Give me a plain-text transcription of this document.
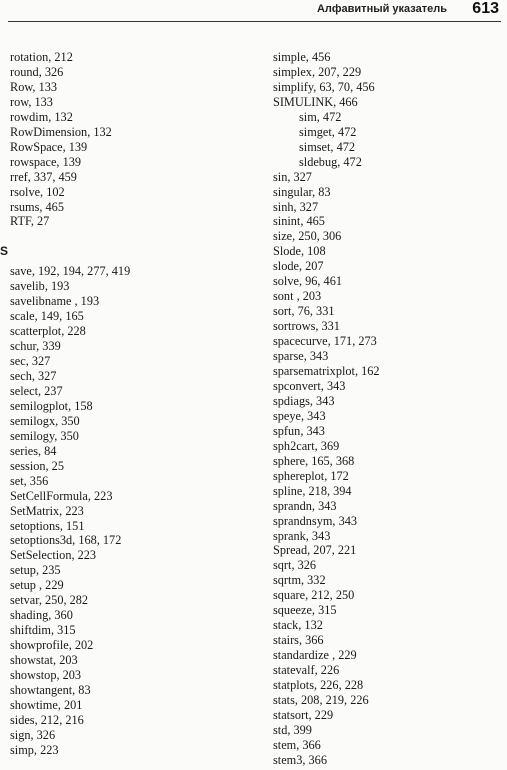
Алфавитный указатель 613
rotation, 212
round, 326
Row, 133
row, 133
rowdim, 132
RowDimension, 132
RowSpace, 139
rowspace, 139
rref, 337, 459
rsolve, 102
rsums, 465
RTF, 27
S
save, 192, 194, 277, 419
savelib, 193
savelibname , 193
scale, 149, 165
scatterplot, 228
schur, 339
sec, 327
sech, 327
select, 237
semilogplot, 158
semilogx, 350
semilogy, 350
series, 84
session, 25
set, 356
SetCellFormula, 223
SetMatrix, 223
setoptions, 151
setoptions3d, 168, 172
SetSelection, 223
setup, 235
setup , 229
setvar, 250, 282
shading, 360
shiftdim, 315
showprofile, 202
showstat, 203
showstop, 203
showtangent, 83
showtime, 201
sides, 212, 216
sign, 326
simp, 223
simple, 456
simplex, 207, 229
simplify, 63, 70, 456
SIMULINK, 466
sim, 472
simget, 472
simset, 472
sldebug, 472
sin, 327
singular, 83
sinh, 327
sinint, 465
size, 250, 306
Slode, 108
slode, 207
solve, 96, 461
sont , 203
sort, 76, 331
sortrows, 331
spacecurve, 171, 273
sparse, 343
sparsematrixplot, 162
spconvert, 343
spdiags, 343
speye, 343
spfun, 343
sph2cart, 369
sphere, 165, 368
sphereplot, 172
spline, 218, 394
sprandn, 343
sprandnsym, 343
sprank, 343
Spread, 207, 221
sqrt, 326
sqrtm, 332
square, 212, 250
squeeze, 315
stack, 132
stairs, 366
standardize , 229
statevalf, 226
statplots, 226, 228
stats, 208, 219, 226
statsort, 229
std, 399
stem, 366
stem3, 366
